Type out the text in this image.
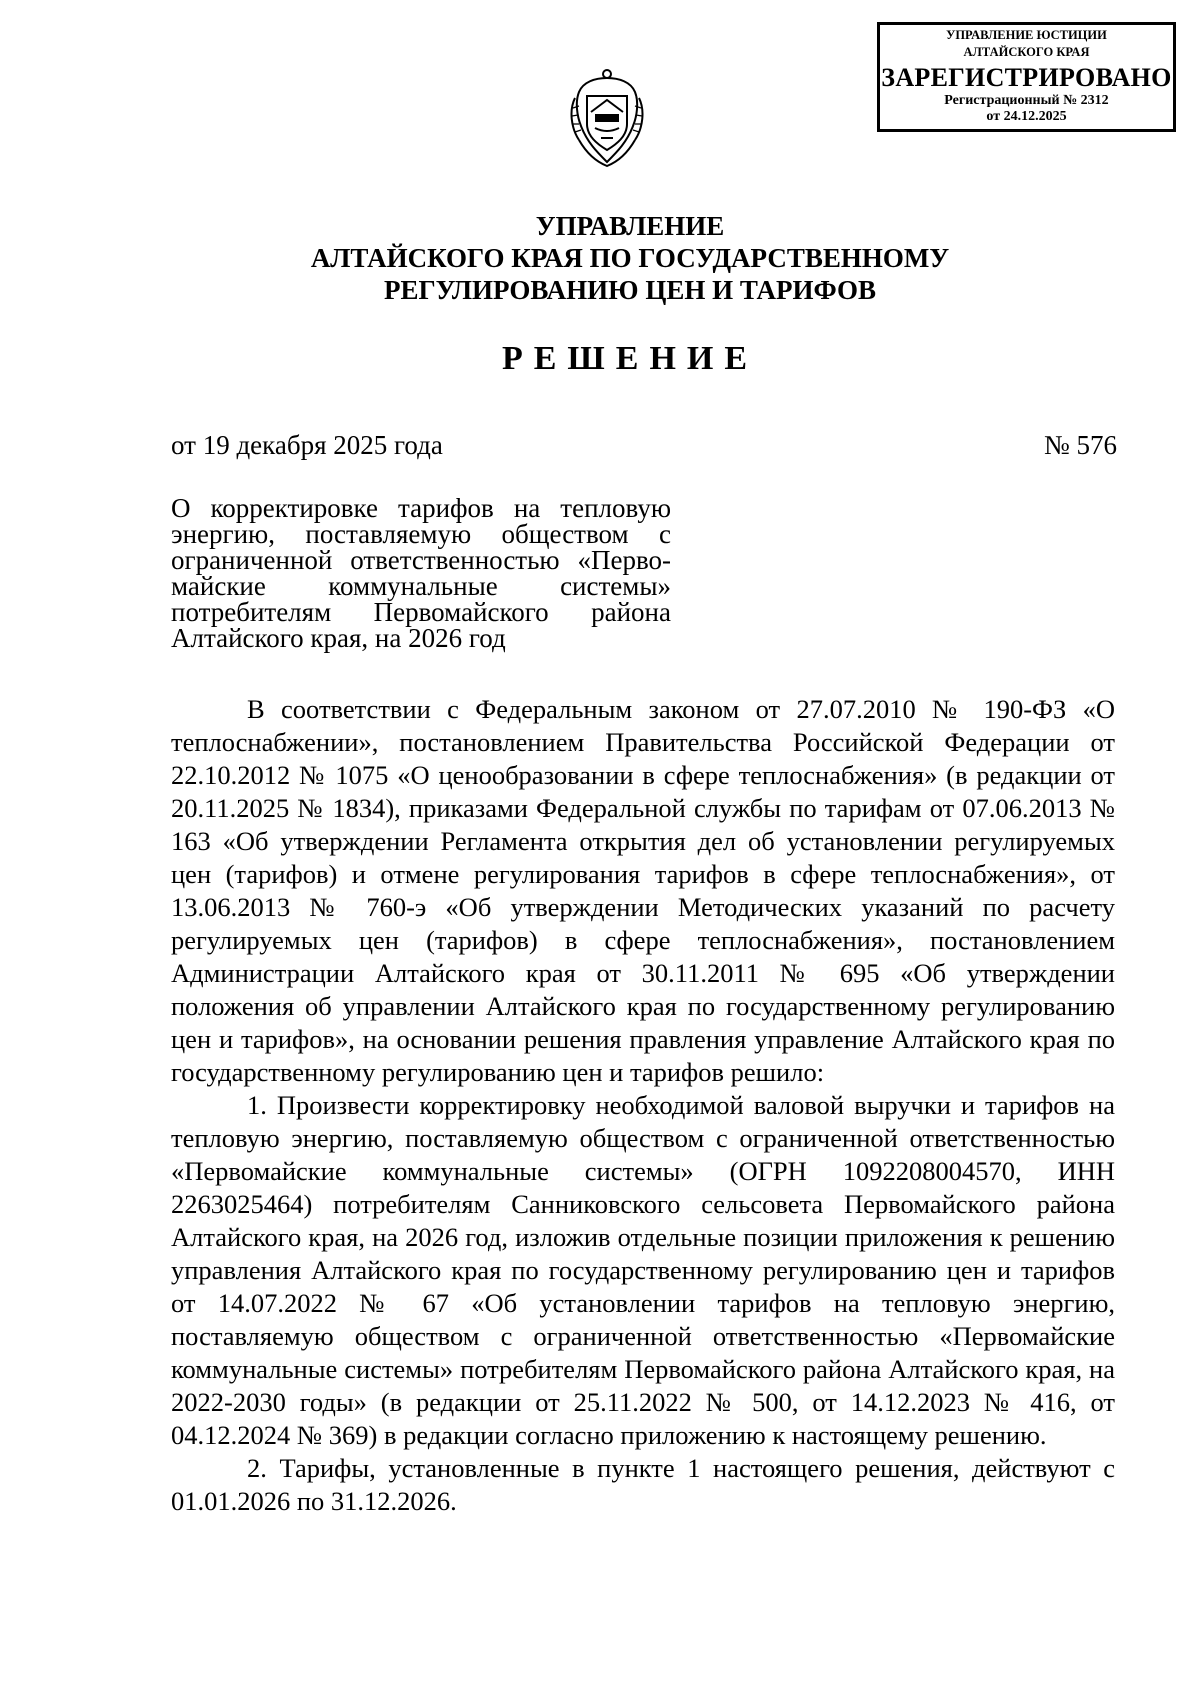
УПРАВЛЕНИЕ ЮСТИЦИИ
АЛТАЙСКОГО КРАЯ
ЗАРЕГИСТРИРОВАНО
Регистрационный № 2312
от 24.12.2025
УПРАВЛЕНИЕ
АЛТАЙСКОГО КРАЯ ПО ГОСУДАРСТВЕННОМУ
РЕГУЛИРОВАНИЮ ЦЕН И ТАРИФОВ
РЕШЕНИЕ
от 19 декабря 2025 года	№ 576
О корректировке тарифов на тепловую
энергию, поставляемую обществом с
ограниченной ответственностью «Перво-
майские коммунальные системы»
потребителям Первомайского района
Алтайского края, на 2026 год

В соответствии с Федеральным законом от 27.07.2010 № 190-ФЗ «О теплоснабжении», постановлением Правительства Российской Федерации от 22.10.2012 № 1075 «О ценообразовании в сфере теплоснабжения» (в редакции от 20.11.2025 № 1834), приказами Федеральной службы по тарифам от 07.06.2013 № 163 «Об утверждении Регламента открытия дел об установлении регулируемых цен (тарифов) и отмене регулирования тарифов в сфере теплоснабжения», от 13.06.2013 № 760-э «Об утверждении Методических указаний по расчету регулируемых цен (тарифов) в сфере теплоснабжения», постановлением Администрации Алтайского края от 30.11.2011 № 695 «Об утверждении положения об управлении Алтайского края по государственному регулированию цен и тарифов», на основании решения правления управление Алтайского края по государственному регулированию цен и тарифов решило:

1. Произвести корректировку необходимой валовой выручки и тарифов на тепловую энергию, поставляемую обществом с ограниченной ответственностью «Первомайские коммунальные системы» (ОГРН 1092208004570, ИНН 2263025464) потребителям Санниковского сельсовета Первомайского района Алтайского края, на 2026 год, изложив отдельные позиции приложения к решению управления Алтайского края по государственному регулированию цен и тарифов от 14.07.2022 № 67 «Об установлении тарифов на тепловую энергию, поставляемую обществом с ограниченной ответственностью «Первомайские коммунальные системы» потребителям Первомайского района Алтайского края, на 2022-2030 годы» (в редакции от 25.11.2022 № 500, от 14.12.2023 № 416, от 04.12.2024 № 369) в редакции согласно приложению к настоящему решению.

2. Тарифы, установленные в пункте 1 настоящего решения, действуют с 01.01.2026 по 31.12.2026.
